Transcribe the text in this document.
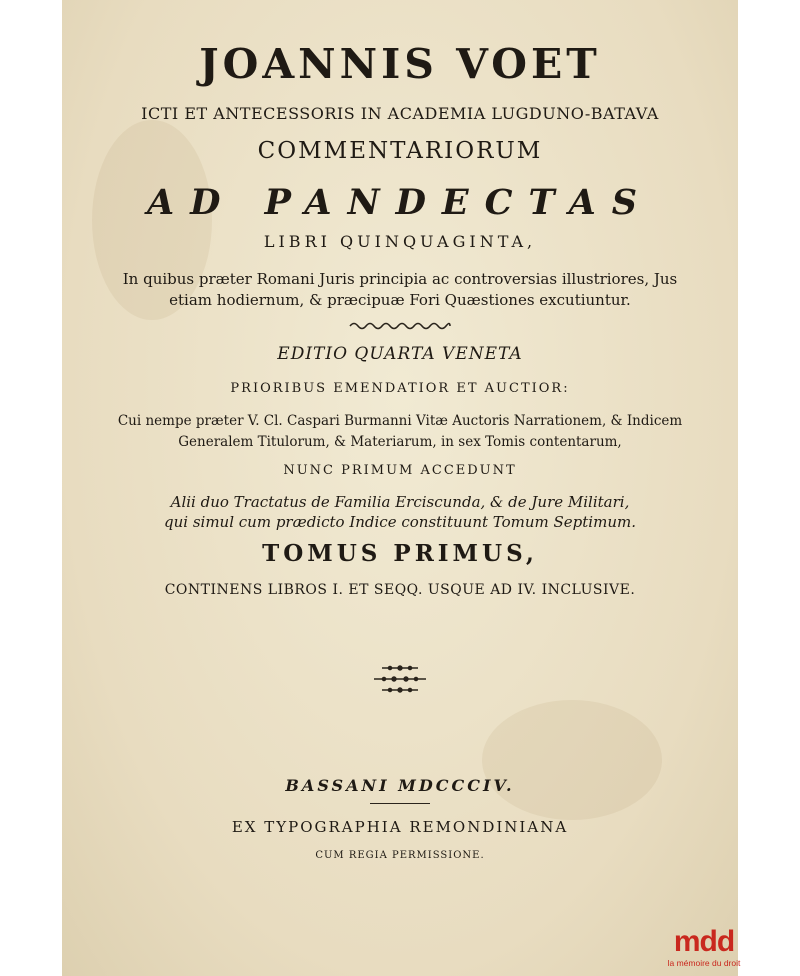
JOANNIS VOET
ICTI ET ANTECESSORIS IN ACADEMIA LUGDUNO-BATAVA
COMMENTARIORUM
AD PANDECTAS
LIBRI QUINQUAGINTA,
In quibus præter Romani Juris principia ac controversias illustriores, Jus
etiam hodiernum, & præcipuæ Fori Quæstiones excutiuntur.
EDITIO QUARTA VENETA
PRIORIBUS EMENDATIOR ET AUCTIOR:
Cui nempe præter V. Cl. Caspari Burmanni Vitæ Auctoris Narrationem, & Indicem
Generalem Titulorum, & Materiarum, in sex Tomis contentarum,
NUNC PRIMUM ACCEDUNT
Alii duo Tractatus de Familia Erciscunda, & de Jure Militari,
qui simul cum prædicto Indice constituunt Tomum Septimum.
TOMUS PRIMUS,
CONTINENS LIBROS I. ET SEQQ. USQUE AD IV. INCLUSIVE.
BASSANI MDCCCIV.
EX TYPOGRAPHIA REMONDINIANA
CUM REGIA PERMISSIONE.
mdd
la mémoire du droit
